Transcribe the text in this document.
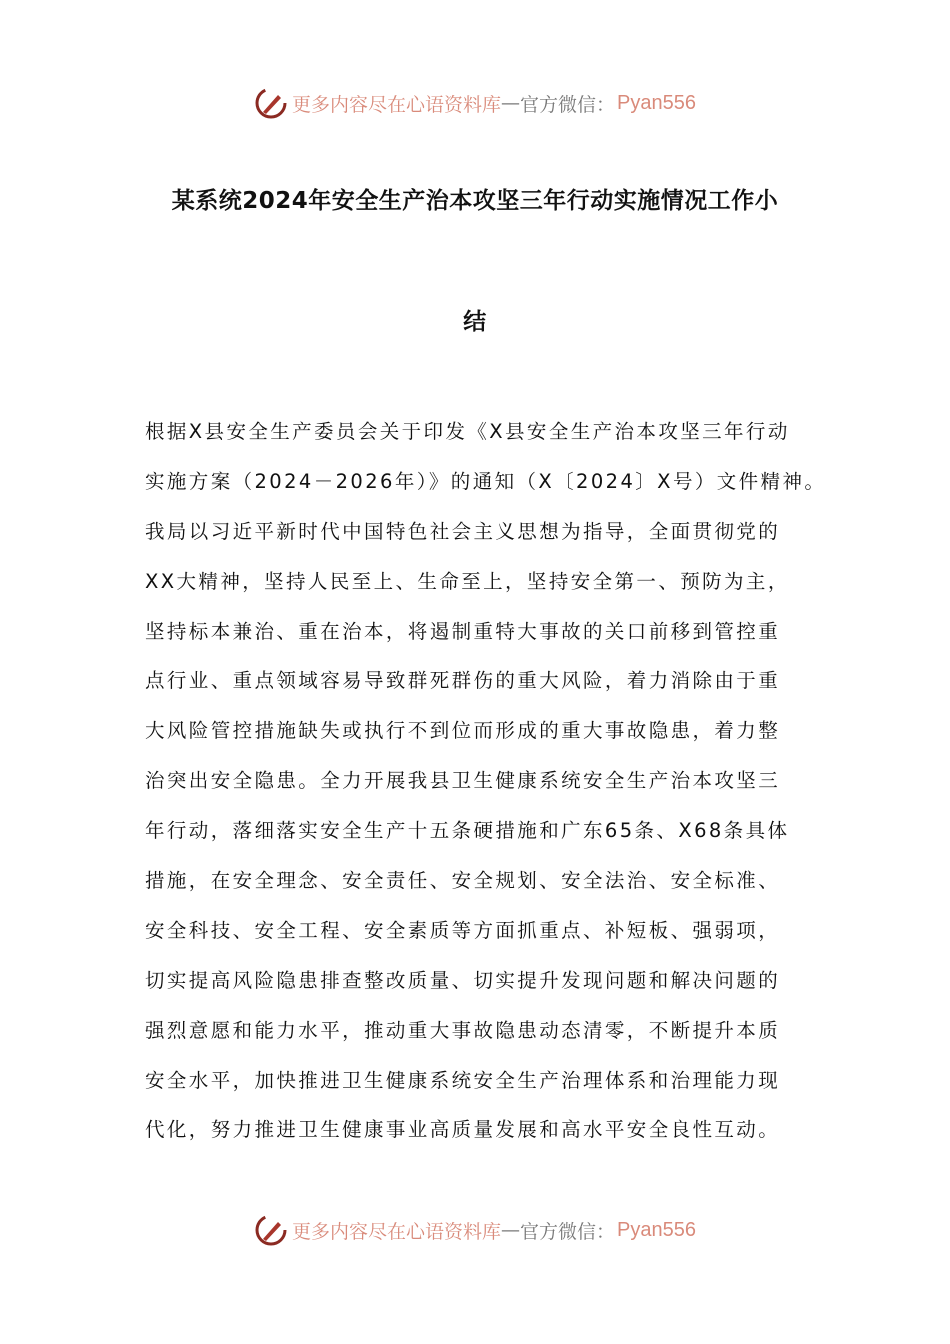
更多内容尽在心语资料库 — 官方微信： Pyan556
某系统2024年安全生产治本攻坚三年行动实施情况工作小
结
根据X县安全生产委员会关于印发《X县安全生产治本攻坚三年行动
实施方案（2024－2026年）》的通知（X〔2024〕X号）文件精神。
我局以习近平新时代中国特色社会主义思想为指导，全面贯彻党的
XX大精神，坚持人民至上、生命至上，坚持安全第一、预防为主，
坚持标本兼治、重在治本，将遏制重特大事故的关口前移到管控重
点行业、重点领域容易导致群死群伤的重大风险，着力消除由于重
大风险管控措施缺失或执行不到位而形成的重大事故隐患，着力整
治突出安全隐患。全力开展我县卫生健康系统安全生产治本攻坚三
年行动，落细落实安全生产十五条硬措施和广东65条、X68条具体
措施，在安全理念、安全责任、安全规划、安全法治、安全标准、
安全科技、安全工程、安全素质等方面抓重点、补短板、强弱项，
切实提高风险隐患排查整改质量、切实提升发现问题和解决问题的
强烈意愿和能力水平，推动重大事故隐患动态清零，不断提升本质
安全水平，加快推进卫生健康系统安全生产治理体系和治理能力现
代化，努力推进卫生健康事业高质量发展和高水平安全良性互动。
更多内容尽在心语资料库 — 官方微信： Pyan556
